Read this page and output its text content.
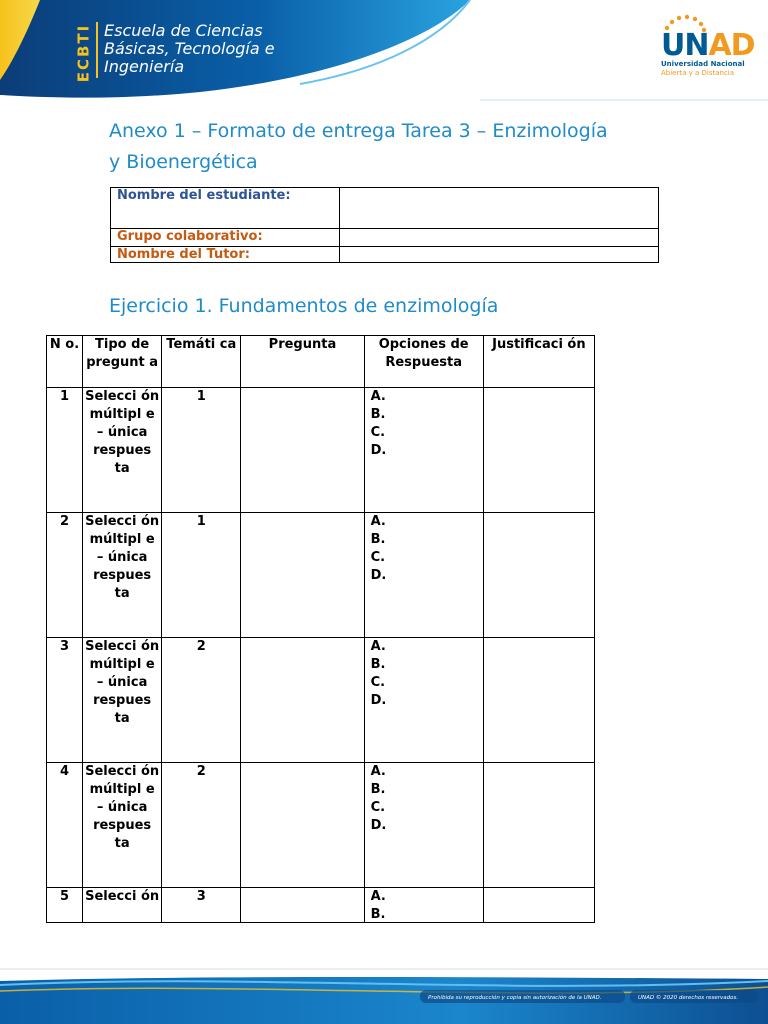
ECBTI Escuela de Ciencias
Básicas, Tecnología e
Ingeniería
UNAD
Universidad Nacional
Abierta y a Distancia
Anexo 1 – Formato de entrega Tarea 3 – Enzimología
y Bioenergética
Nombre del estudiante:	
Grupo colaborativo:	
Nombre del Tutor:	
Ejercicio 1. Fundamentos de enzimología
N o.	Tipo de pregunt a	Temáti ca	Pregunta	Opciones de Respuesta	Justificaci ón
1	Selecci ón múltipl e – única respues ta	1		A.
B.
C.
D.	

2	Selecci ón múltipl e – única respues ta	1		A.
B.
C.
D.	

3	Selecci ón múltipl e – única respues ta	2		A.
B.
C.
D.	

4	Selecci ón múltipl e – única respues ta	2		A.
B.
C.
D.	

5	Selecci ón	3		A.
B.	

Prohibida su reproducción y copia sin autorización de la UNAD.	UNAD © 2020 derechos reservados.
